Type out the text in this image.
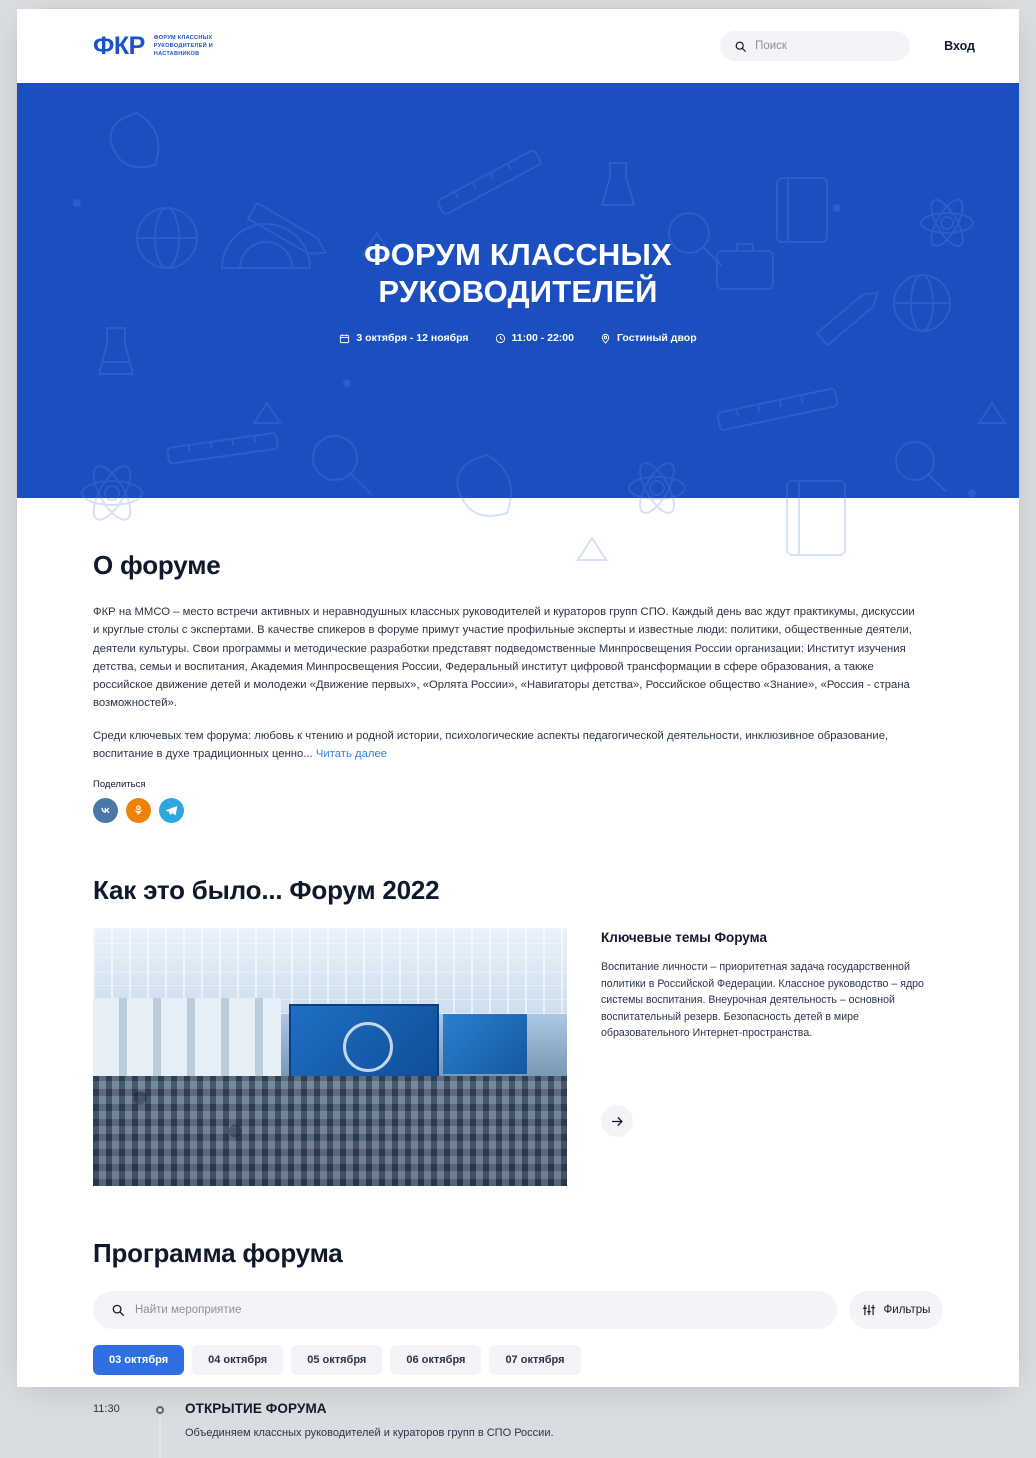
ФКР ФОРУМ КЛАССНЫХ РУКОВОДИТЕЛЕЙ И НАСТАВНИКОВ
Поиск	Вход
ФОРУМ КЛАССНЫХ РУКОВОДИТЕЛЕЙ
3 октября - 12 ноября	11:00 - 22:00	Гостиный двор
О форуме

ФКР на ММСО – место встречи активных и неравнодушных классных руководителей и кураторов групп СПО. Каждый день вас ждут практикумы, дискуссии и круглые столы с экспертами. В качестве спикеров в форуме примут участие профильные эксперты и известные люди: политики, общественные деятели, деятели культуры. Свои программы и методические разработки представят подведомственные Минпросвещения России организации: Институт изучения детства, семьи и воспитания, Академия Минпросвещения России, Федеральный институт цифровой трансформации в сфере образования, а также российское движение детей и молодежи «Движение первых», «Орлята России», «Навигаторы детства», Российское общество «Знание», «Россия - страна возможностей».

Среди ключевых тем форума: любовь к чтению и родной истории, психологические аспекты педагогической деятельности, инклюзивное образование, воспитание в духе традиционных ценно... Читать далее

Поделиться
Как это было... Форум 2022
Ключевые темы Форума

Воспитание личности – приоритетная задача государственной политики в Российской Федерации. Классное руководство – ядро системы воспитания. Внеурочная деятельность – основной воспитательный резерв. Безопасность детей в мире образовательного Интернет-пространства.

Программа форума
Найти мероприятие	Фильтры
03 октября	04 октября	05 октября	06 октября	07 октября
11:30	ОТКРЫТИЕ ФОРУМА
Объединяем классных руководителей и кураторов групп в СПО России.
